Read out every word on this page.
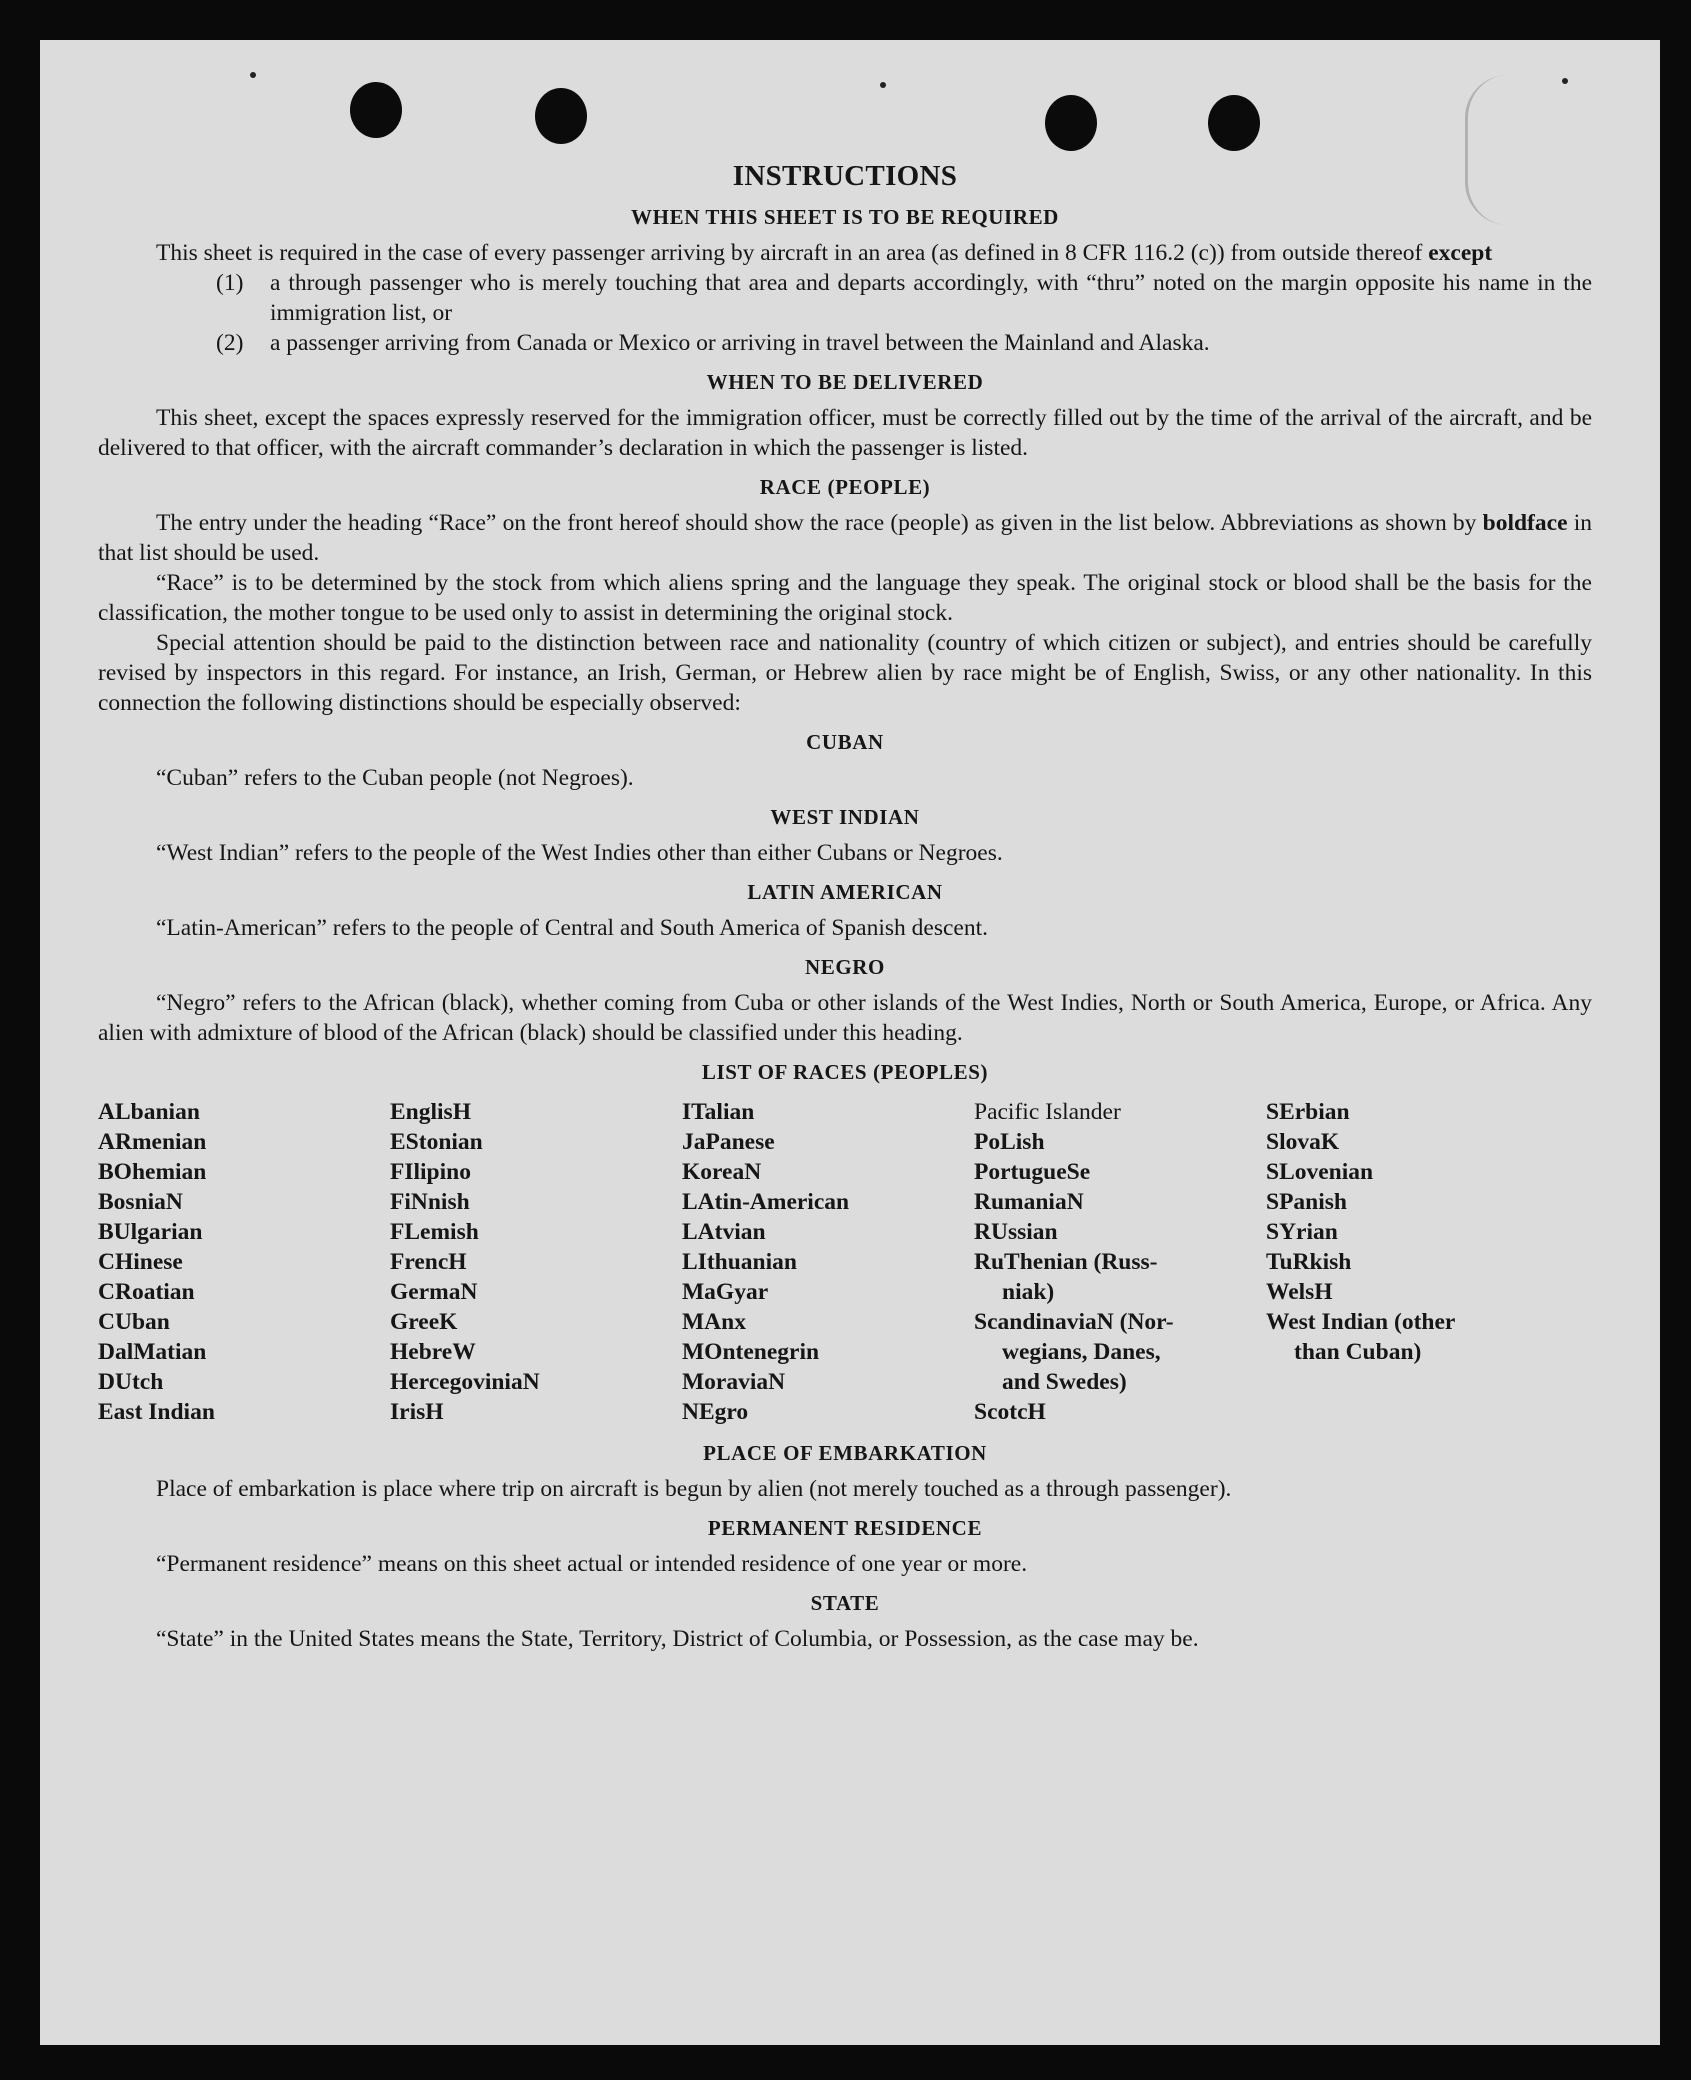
INSTRUCTIONS
WHEN THIS SHEET IS TO BE REQUIRED

This sheet is required in the case of every passenger arriving by aircraft in an area (as defined in 8 CFR 116.2 (c)) from outside thereof except

(1)	a through passenger who is merely touching that area and departs accordingly, with “thru” noted on the margin opposite his name in the immigration list, or
(2)	a passenger arriving from Canada or Mexico or arriving in travel between the Mainland and Alaska.
WHEN TO BE DELIVERED

This sheet, except the spaces expressly reserved for the immigration officer, must be correctly filled out by the time of the arrival of the aircraft, and be delivered to that officer, with the aircraft commander’s declaration in which the passenger is listed.

RACE (PEOPLE)

The entry under the heading “Race” on the front hereof should show the race (people) as given in the list below. Abbreviations as shown by boldface in that list should be used.

“Race” is to be determined by the stock from which aliens spring and the language they speak. The original stock or blood shall be the basis for the classification, the mother tongue to be used only to assist in determining the original stock.

Special attention should be paid to the distinction between race and nationality (country of which citizen or subject), and entries should be carefully revised by inspectors in this regard. For instance, an Irish, German, or Hebrew alien by race might be of English, Swiss, or any other nationality. In this connection the following distinctions should be especially observed:

CUBAN

“Cuban” refers to the Cuban people (not Negroes).

WEST INDIAN

“West Indian” refers to the people of the West Indies other than either Cubans or Negroes.

LATIN AMERICAN

“Latin-American” refers to the people of Central and South America of Spanish descent.

NEGRO

“Negro” refers to the African (black), whether coming from Cuba or other islands of the West Indies, North or South America, Europe, or Africa. Any alien with admixture of blood of the African (black) should be classified under this heading.

LIST OF RACES (PEOPLES)
ALbanian
ARmenian
BOhemian
BosniaN
BUlgarian
CHinese
CRoatian
CUban
DalMatian
DUtch
East Indian
EnglisH
EStonian
FIlipino
FiNnish
FLemish
FrencH
GermaN
GreeK
HebreW
HercegoviniaN
IrisH
ITalian
JaPanese
KoreaN
LAtin-American
LAtvian
LIthuanian
MaGyar
MAnx
MOntenegrin
MoraviaN
NEgro
Pacific Islander
PoLish
PortugueSe
RumaniaN
RUssian
RuThenian (Russ-
niak)
ScandinaviaN (Nor-
wegians, Danes,
and Swedes)
ScotcH
SErbian
SlovaK
SLovenian
SPanish
SYrian
TuRkish
WelsH
West Indian (other
than Cuban)
PLACE OF EMBARKATION

Place of embarkation is place where trip on aircraft is begun by alien (not merely touched as a through passenger).

PERMANENT RESIDENCE

“Permanent residence” means on this sheet actual or intended residence of one year or more.

STATE

“State” in the United States means the State, Territory, District of Columbia, or Possession, as the case may be.
